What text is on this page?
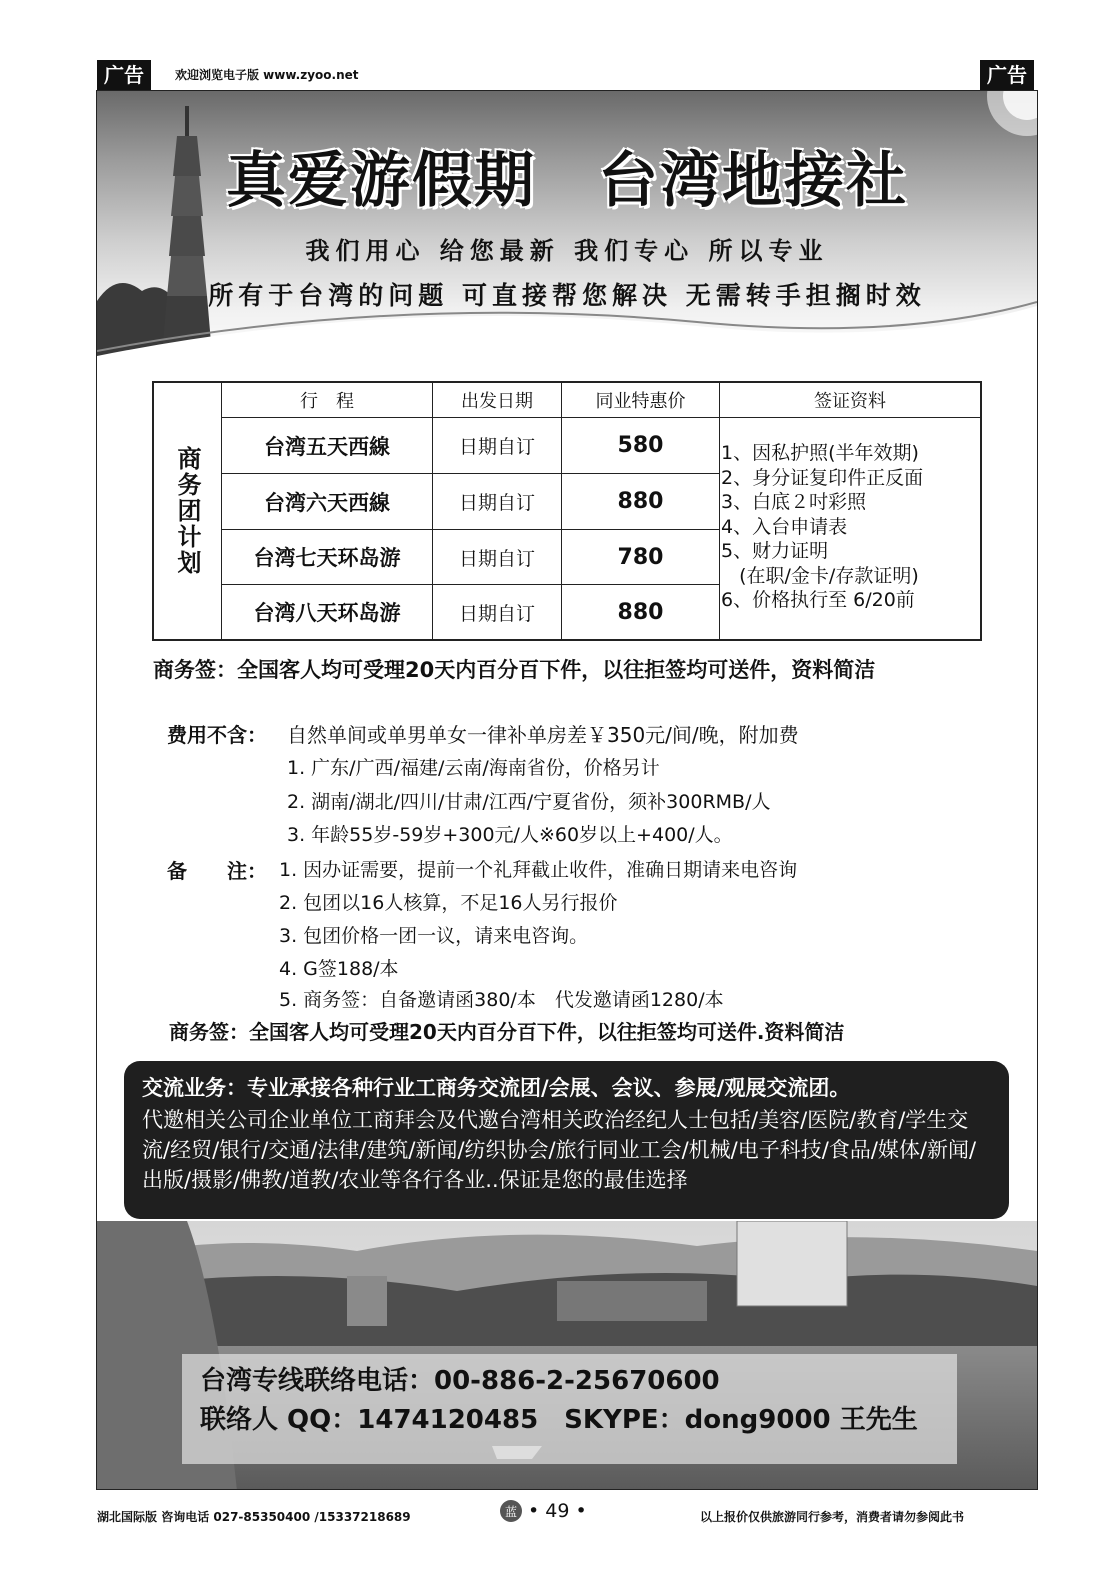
广告	欢迎浏览电子版 www.zyoo.net	广告
真爱游假期　台湾地接社
我们用心 给您最新 我们专心 所以专业
所有于台湾的问题 可直接帮您解决 无需转手担搁时效
商务团计划
行　程	出发日期	同业特惠价	签证资料
台湾五天西線	日期自订	580
台湾六天西線	日期自订	880
台湾七天环岛游	日期自订	780
台湾八天环岛游	日期自订	880
1、因私护照(半年效期)
2、身分证复印件正反面
3、白底２吋彩照
4、入台申请表
5、财力证明
(在职/金卡/存款证明)
6、价格执行至 6/20前
商务签：全国客人均可受理20天内百分百下件，以往拒签均可送件，资料简洁
费用不含： 自然单间或单男单女一律补单房差￥350元/间/晚，附加费
1. 广东/广西/福建/云南/海南省份，价格另计
2. 湖南/湖北/四川/甘肃/江西/宁夏省份，须补300RMB/人
3. 年龄55岁-59岁+300元/人※60岁以上+400/人。
备　　注： 1. 因办证需要，提前一个礼拜截止收件，准确日期请来电咨询
2. 包团以16人核算，不足16人另行报价
3. 包团价格一团一议，请来电咨询。
4. G签188/本
5. 商务签：自备邀请函380/本　代发邀请函1280/本
商务签：全国客人均可受理20天内百分百下件，以往拒签均可送件.资料简洁
交流业务：专业承接各种行业工商务交流团/会展、会议、参展/观展交流团。
代邀相关公司企业单位工商拜会及代邀台湾相关政治经纪人士包括/美容/医院/教育/学生交流/经贸/银行/交通/法律/建筑/新闻/纺织协会/旅行同业工会/机械/电子科技/食品/媒体/新闻/出版/摄影/佛教/道教/农业等各行各业..保证是您的最佳选择
台湾专线联络电话：00-886-2-25670600
联络人 QQ：1474120485　SKYPE：dong9000 王先生
湖北国际版 咨询电话 027-85350400 /15337218689	蓝 • 49 •	以上报价仅供旅游同行参考，消费者请勿参阅此书
